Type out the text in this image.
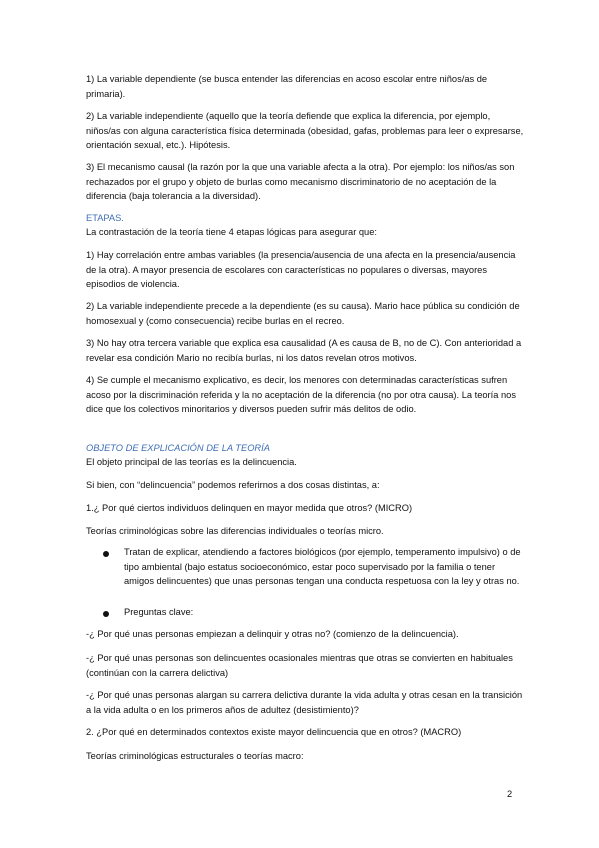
1) La variable dependiente (se busca entender las diferencias en acoso escolar entre niños/as de primaria).

2) La variable independiente (aquello que la teoría defiende que explica la diferencia, por ejemplo, niños/as con alguna característica física determinada (obesidad, gafas, problemas para leer o expresarse, orientación sexual, etc.). Hipótesis.

3) El mecanismo causal (la razón por la que una variable afecta a la otra). Por ejemplo: los niños/as son rechazados por el grupo y objeto de burlas como mecanismo discriminatorio de no aceptación de la diferencia (baja tolerancia a la diversidad).

ETAPAS.

La contrastación de la teoría tiene 4 etapas lógicas para asegurar que:

1) Hay correlación entre ambas variables (la presencia/ausencia de una afecta en la presencia/ausencia de la otra). A mayor presencia de escolares con características no populares o diversas, mayores episodios de violencia.

2) La variable independiente precede a la dependiente (es su causa). Mario hace pública su condición de homosexual y (como consecuencia) recibe burlas en el recreo.

3) No hay otra tercera variable que explica esa causalidad (A es causa de B, no de C). Con anterioridad a revelar esa condición Mario no recibía burlas, ni los datos revelan otros motivos.

4) Se cumple el mecanismo explicativo, es decir, los menores con determinadas características sufren acoso por la discriminación referida y la no aceptación de la diferencia (no por otra causa). La teoría nos dice que los colectivos minoritarios y diversos pueden sufrir más delitos de odio.

OBJETO DE EXPLICACIÓN DE LA TEORÍA

El objeto principal de las teorías es la delincuencia.

Si bien, con “delincuencia” podemos referirnos a dos cosas distintas, a:

1.¿ Por qué ciertos individuos delinquen en mayor medida que otros? (MICRO)

Teorías criminológicas sobre las diferencias individuales o teorías micro.

Tratan de explicar, atendiendo a factores biológicos (por ejemplo, temperamento impulsivo) o de tipo ambiental (bajo estatus socioeconómico, estar poco supervisado por la familia o tener amigos delincuentes) que unas personas tengan una conducta respetuosa con la ley y otras no.

Preguntas clave:

-¿ Por qué unas personas empiezan a delinquir y otras no? (comienzo de la delincuencia).

-¿ Por qué unas personas son delincuentes ocasionales mientras que otras se convierten en habituales (continúan con la carrera delictiva)

-¿ Por qué unas personas alargan su carrera delictiva durante la vida adulta y otras cesan en la transición a la vida adulta o en los primeros años de adultez (desistimiento)?

2. ¿Por qué en determinados contextos existe mayor delincuencia que en otros? (MACRO)

Teorías criminológicas estructurales o teorías macro:

2
